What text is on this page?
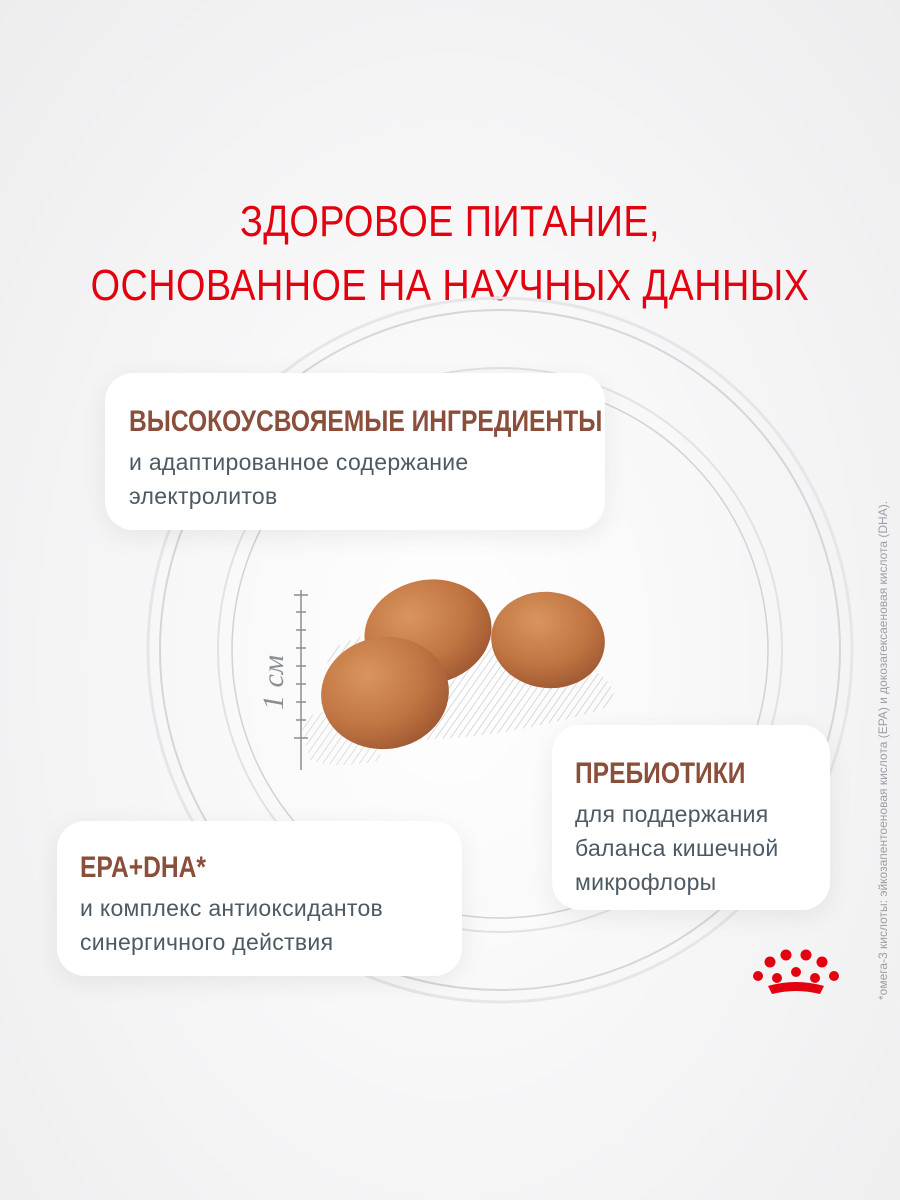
ЗДОРОВОЕ ПИТАНИЕ,
ОСНОВАННОЕ НА НАУЧНЫХ ДАННЫХ
1 см
ВЫСОКОУСВОЯЕМЫЕ ИНГРЕДИЕНТЫ
и адаптированное содержание
электролитов
ПРЕБИОТИКИ
для поддержания
баланса кишечной
микрофлоры
EPA+DHA*
и комплекс антиоксидантов
синергичного действия	*омега-3 кислоты: эйкозапентоеновая кислота (EPA) и докозагексаеновая кислота (DHA).
